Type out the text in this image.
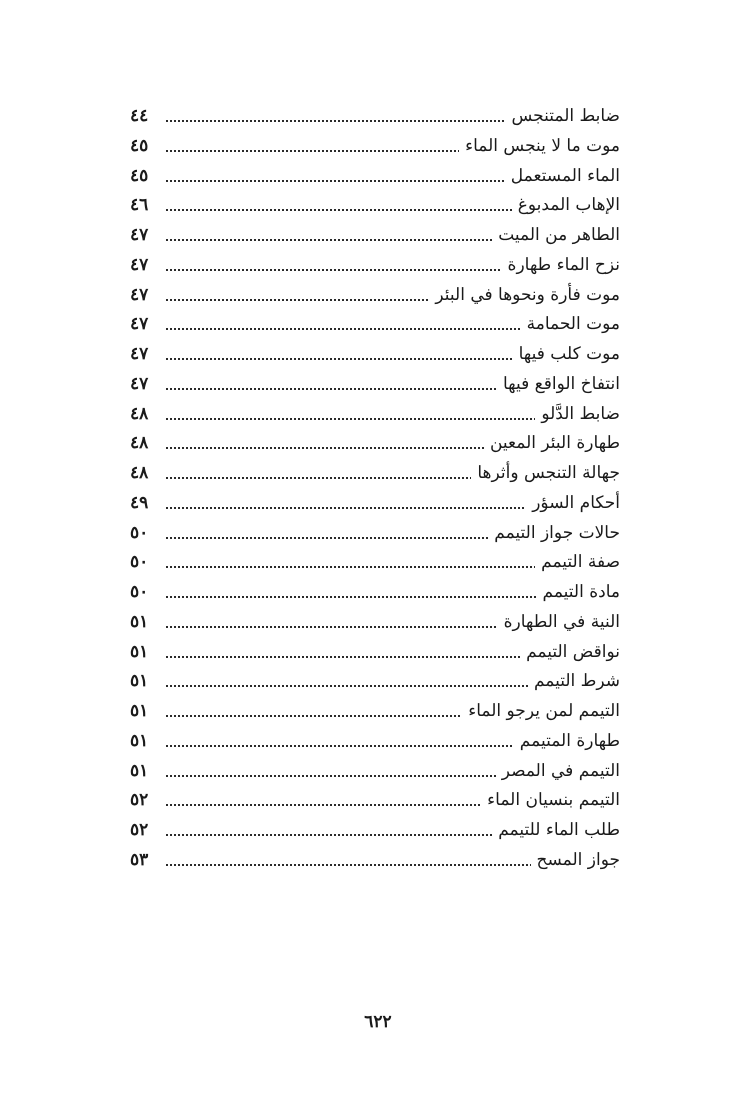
ضابط المتنجس
٤٤
موت ما لا ينجس الماء
٤٥
الماء المستعمل
٤٥
الإهاب المدبوغ
٤٦
الطاهر من الميت
٤٧
نزح الماء طهارة
٤٧
موت فأرة ونحوها في البئر
٤٧
موت الحمامة
٤٧
موت كلب فيها
٤٧
انتفاخ الواقع فيها
٤٧
ضابط الدَّلو
٤٨
طهارة البئر المعين
٤٨
جهالة التنجس وأثرها
٤٨
أحكام السؤر
٤٩
حالات جواز التيمم
٥٠
صفة التيمم
٥٠
مادة التيمم
٥٠
النية في الطهارة
٥١
نواقض التيمم
٥١
شرط التيمم
٥١
التيمم لمن يرجو الماء
٥١
طهارة المتيمم
٥١
التيمم في المصر
٥١
التيمم بنسيان الماء
٥٢
طلب الماء للتيمم
٥٢
جواز المسح
٥٣
٦٢٢
